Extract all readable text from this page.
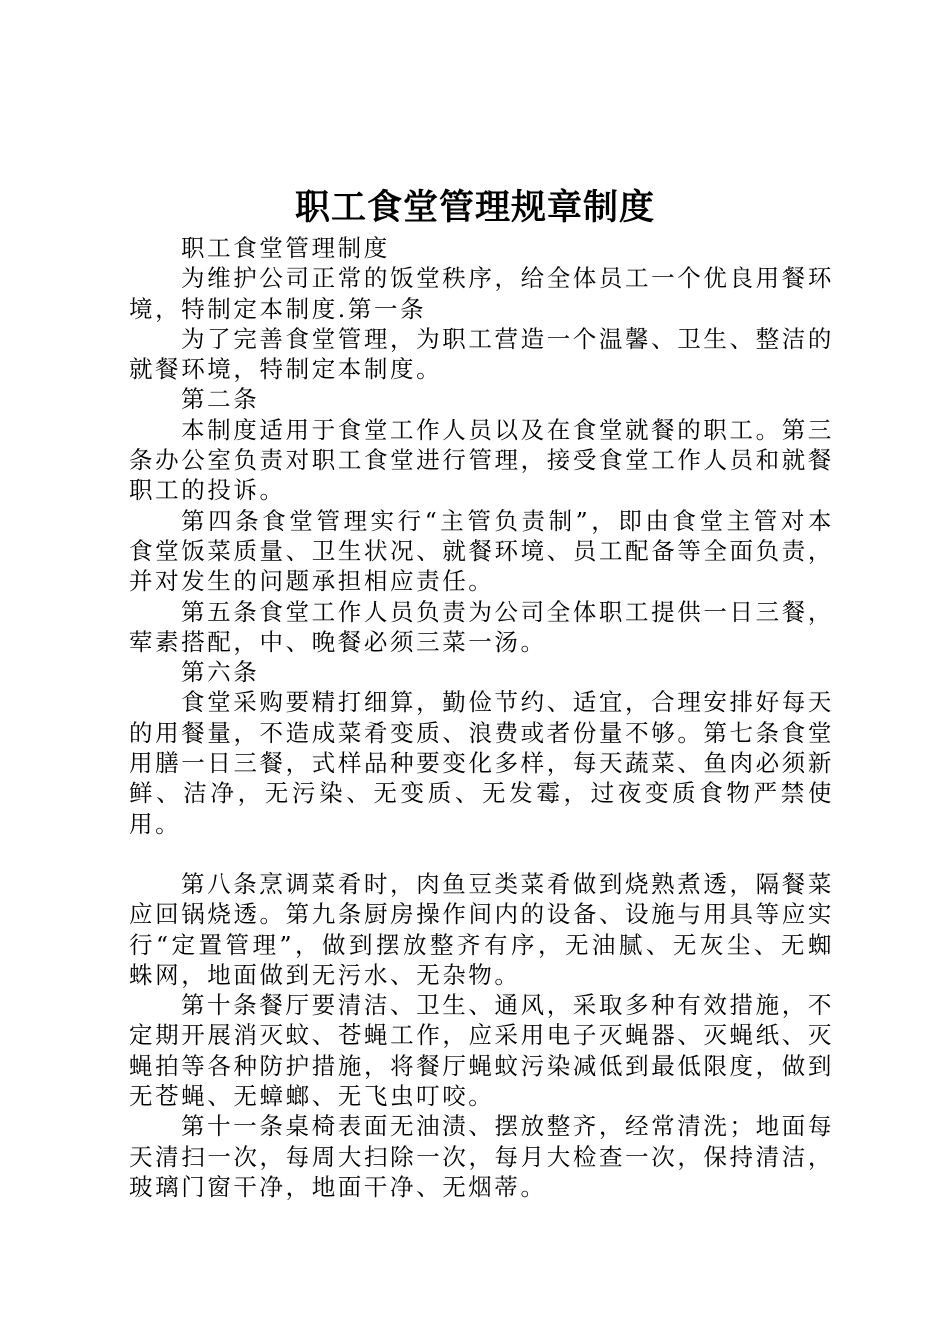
职工食堂管理规章制度

职工食堂管理制度

为维护公司正常的饭堂秩序，给全体员工一个优良用餐环境，特制定本制度.第一条

为了完善食堂管理，为职工营造一个温馨、卫生、整洁的就餐环境，特制定本制度。

第二条

本制度适用于食堂工作人员以及在食堂就餐的职工。第三条办公室负责对职工食堂进行管理，接受食堂工作人员和就餐职工的投诉。

第四条食堂管理实行“主管负责制”，即由食堂主管对本食堂饭菜质量、卫生状况、就餐环境、员工配备等全面负责，并对发生的问题承担相应责任。

第五条食堂工作人员负责为公司全体职工提供一日三餐，荤素搭配，中、晚餐必须三菜一汤。

第六条

食堂采购要精打细算，勤俭节约、适宜，合理安排好每天的用餐量，不造成菜肴变质、浪费或者份量不够。第七条食堂用膳一日三餐，式样品种要变化多样，每天蔬菜、鱼肉必须新鲜、洁净，无污染、无变质、无发霉，过夜变质食物严禁使用。

第八条烹调菜肴时，肉鱼豆类菜肴做到烧熟煮透，隔餐菜应回锅烧透。第九条厨房操作间内的设备、设施与用具等应实行“定置管理”，做到摆放整齐有序，无油腻、无灰尘、无蜘蛛网，地面做到无污水、无杂物。

第十条餐厅要清洁、卫生、通风，采取多种有效措施，不定期开展消灭蚊、苍蝇工作，应采用电子灭蝇器、灭蝇纸、灭蝇拍等各种防护措施，将餐厅蝇蚊污染减低到最低限度，做到无苍蝇、无蟑螂、无飞虫叮咬。

第十一条桌椅表面无油渍、摆放整齐，经常清洗；地面每天清扫一次，每周大扫除一次，每月大检查一次，保持清洁，玻璃门窗干净，地面干净、无烟蒂。
